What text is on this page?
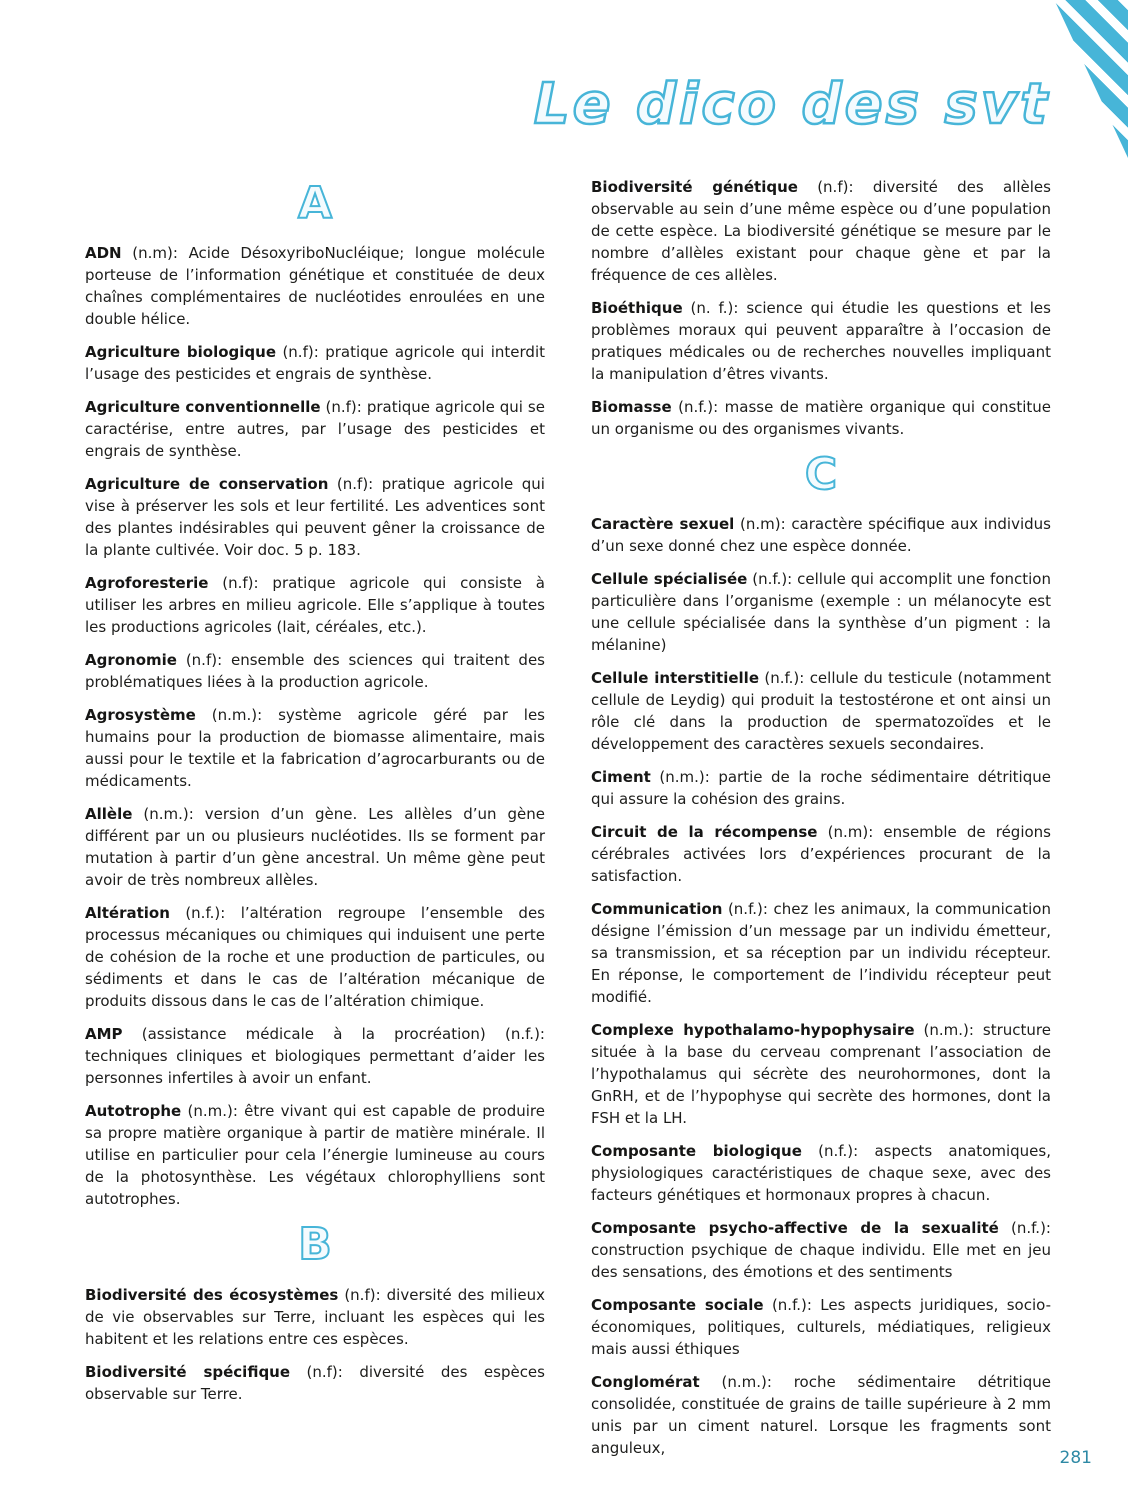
Le dico des svt
A

ADN (n.m): Acide DésoxyriboNucléique; longue molécule porteuse de l’information génétique et constituée de deux chaînes complémentaires de nucléotides enroulées en une double hélice.

Agriculture biologique (n.f): pratique agricole qui interdit l’usage des pesticides et engrais de synthèse.

Agriculture conventionnelle (n.f): pratique agricole qui se caractérise, entre autres, par l’usage des pesticides et engrais de synthèse.

Agriculture de conservation (n.f): pratique agricole qui vise à préserver les sols et leur fertilité. Les adventices sont des plantes indésirables qui peuvent gêner la croissance de la plante cultivée. Voir doc. 5 p. 183.

Agroforesterie (n.f): pratique agricole qui consiste à utiliser les arbres en milieu agricole. Elle s’applique à toutes les productions agricoles (lait, céréales, etc.).

Agronomie (n.f): ensemble des sciences qui traitent des problématiques liées à la production agricole.

Agrosystème (n.m.): système agricole géré par les humains pour la production de biomasse alimentaire, mais aussi pour le textile et la fabrication d’agrocarburants ou de médicaments.

Allèle (n.m.): version d’un gène. Les allèles d’un gène différent par un ou plusieurs nucléotides. Ils se forment par mutation à partir d’un gène ancestral. Un même gène peut avoir de très nombreux allèles.

Altération (n.f.): l’altération regroupe l’ensemble des processus mécaniques ou chimiques qui induisent une perte de cohésion de la roche et une production de particules, ou sédiments et dans le cas de l’altération mécanique de produits dissous dans le cas de l’altération chimique.

AMP (assistance médicale à la procréation) (n.f.): techniques cliniques et biologiques permettant d’aider les personnes infertiles à avoir un enfant.

Autotrophe (n.m.): être vivant qui est capable de produire sa propre matière organique à partir de matière minérale. Il utilise en particulier pour cela l’énergie lumineuse au cours de la photosynthèse. Les végétaux chlorophylliens sont autotrophes.

B

Biodiversité des écosystèmes (n.f): diversité des milieux de vie observables sur Terre, incluant les espèces qui les habitent et les relations entre ces espèces.

Biodiversité spécifique (n.f): diversité des espèces observable sur Terre.

Biodiversité génétique (n.f): diversité des allèles observable au sein d’une même espèce ou d’une population de cette espèce. La biodiversité génétique se mesure par le nombre d’allèles existant pour chaque gène et par la fréquence de ces allèles.

Bioéthique (n. f.): science qui étudie les questions et les problèmes moraux qui peuvent apparaître à l’occasion de pratiques médicales ou de recherches nouvelles impliquant la manipulation d’êtres vivants.

Biomasse (n.f.): masse de matière organique qui constitue un organisme ou des organismes vivants.

C

Caractère sexuel (n.m): caractère spécifique aux individus d’un sexe donné chez une espèce donnée.

Cellule spécialisée (n.f.): cellule qui accomplit une fonction particulière dans l’organisme (exemple : un mélanocyte est une cellule spécialisée dans la synthèse d’un pigment : la mélanine)

Cellule interstitielle (n.f.): cellule du testicule (notamment cellule de Leydig) qui produit la testostérone et ont ainsi un rôle clé dans la production de spermatozoïdes et le développement des caractères sexuels secondaires.

Ciment (n.m.): partie de la roche sédimentaire détritique qui assure la cohésion des grains.

Circuit de la récompense (n.m): ensemble de régions cérébrales activées lors d’expériences procurant de la satisfaction.

Communication (n.f.): chez les animaux, la communication désigne l’émission d’un message par un individu émetteur, sa transmission, et sa réception par un individu récepteur. En réponse, le comportement de l’individu récepteur peut modifié.

Complexe hypothalamo-hypophysaire (n.m.): structure située à la base du cerveau comprenant l’association de l’hypothalamus qui sécrète des neurohormones, dont la GnRH, et de l’hypophyse qui secrète des hormones, dont la FSH et la LH.

Composante biologique (n.f.): aspects anatomiques, physiologiques caractéristiques de chaque sexe, avec des facteurs génétiques et hormonaux propres à chacun.

Composante psycho-affective de la sexualité (n.f.): construction psychique de chaque individu. Elle met en jeu des sensations, des émotions et des sentiments

Composante sociale (n.f.): Les aspects juridiques, socio-économiques, politiques, culturels, médiatiques, religieux mais aussi éthiques

Conglomérat (n.m.): roche sédimentaire détritique consolidée, constituée de grains de taille supérieure à 2 mm unis par un ciment naturel. Lorsque les fragments sont anguleux,	281
